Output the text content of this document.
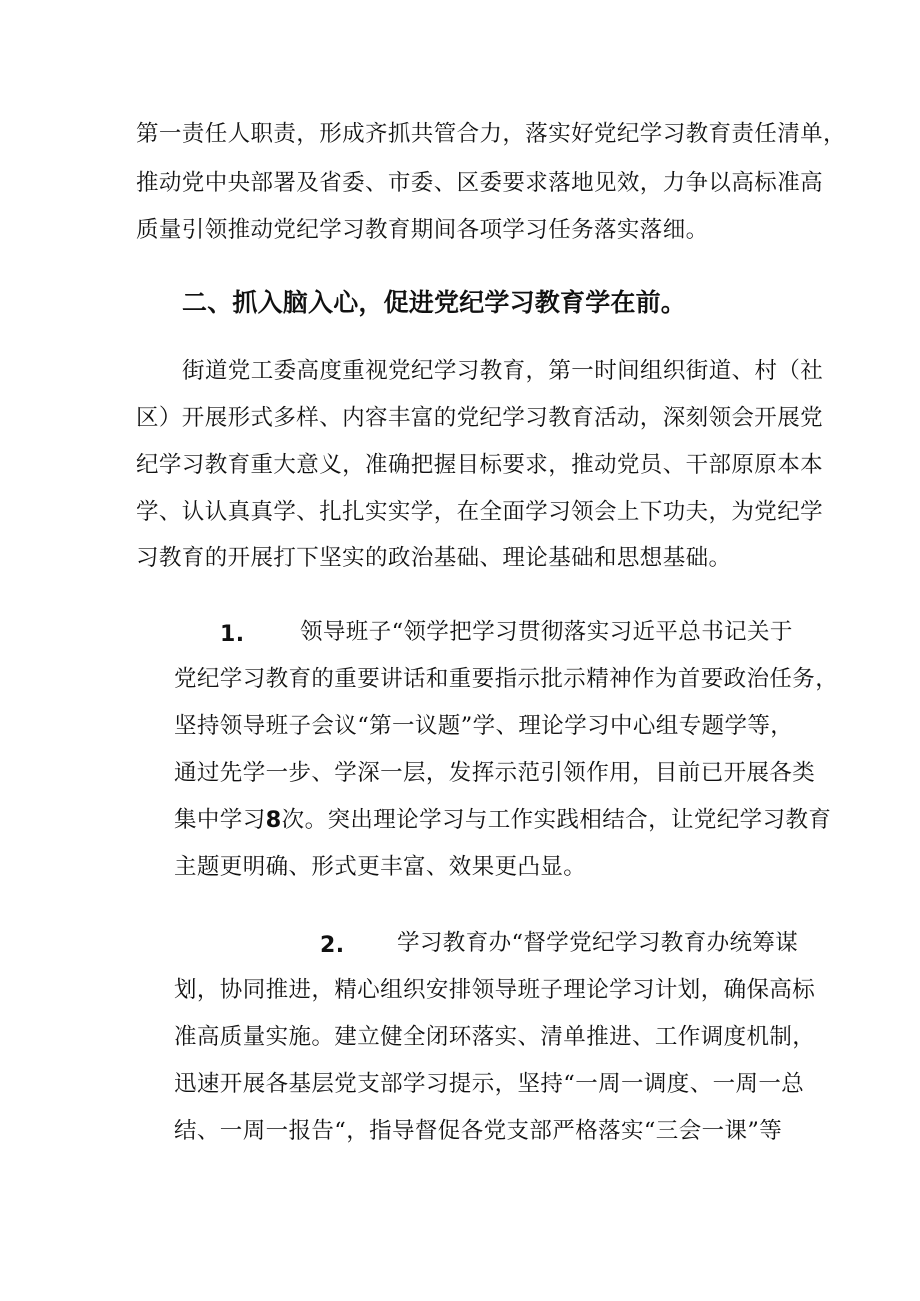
第一责任人职责，形成齐抓共管合力，落实好党纪学习教育责任清单，
推动党中央部署及省委、市委、区委要求落地见效，力争以高标准高
质量引领推动党纪学习教育期间各项学习任务落实落细。
二、抓入脑入心，促进党纪学习教育学在前。
街道党工委高度重视党纪学习教育，第一时间组织街道、村（社
区）开展形式多样、内容丰富的党纪学习教育活动，深刻领会开展党
纪学习教育重大意义，准确把握目标要求，推动党员、干部原原本本
学、认认真真学、扎扎实实学，在全面学习领会上下功夫，为党纪学
习教育的开展打下坚实的政治基础、理论基础和思想基础。
1. 领导班子“领学把学习贯彻落实习近平总书记关于
党纪学习教育的重要讲话和重要指示批示精神作为首要政治任务，
坚持领导班子会议“第一议题”学、理论学习中心组专题学等，
通过先学一步、学深一层，发挥示范引领作用，目前已开展各类
集中学习8次。突出理论学习与工作实践相结合，让党纪学习教育
主题更明确、形式更丰富、效果更凸显。
2. 学习教育办“督学党纪学习教育办统筹谋
划，协同推进，精心组织安排领导班子理论学习计划，确保高标
准高质量实施。建立健全闭环落实、清单推进、工作调度机制，
迅速开展各基层党支部学习提示，坚持“一周一调度、一周一总
结、一周一报告“，指导督促各党支部严格落实“三会一课”等
